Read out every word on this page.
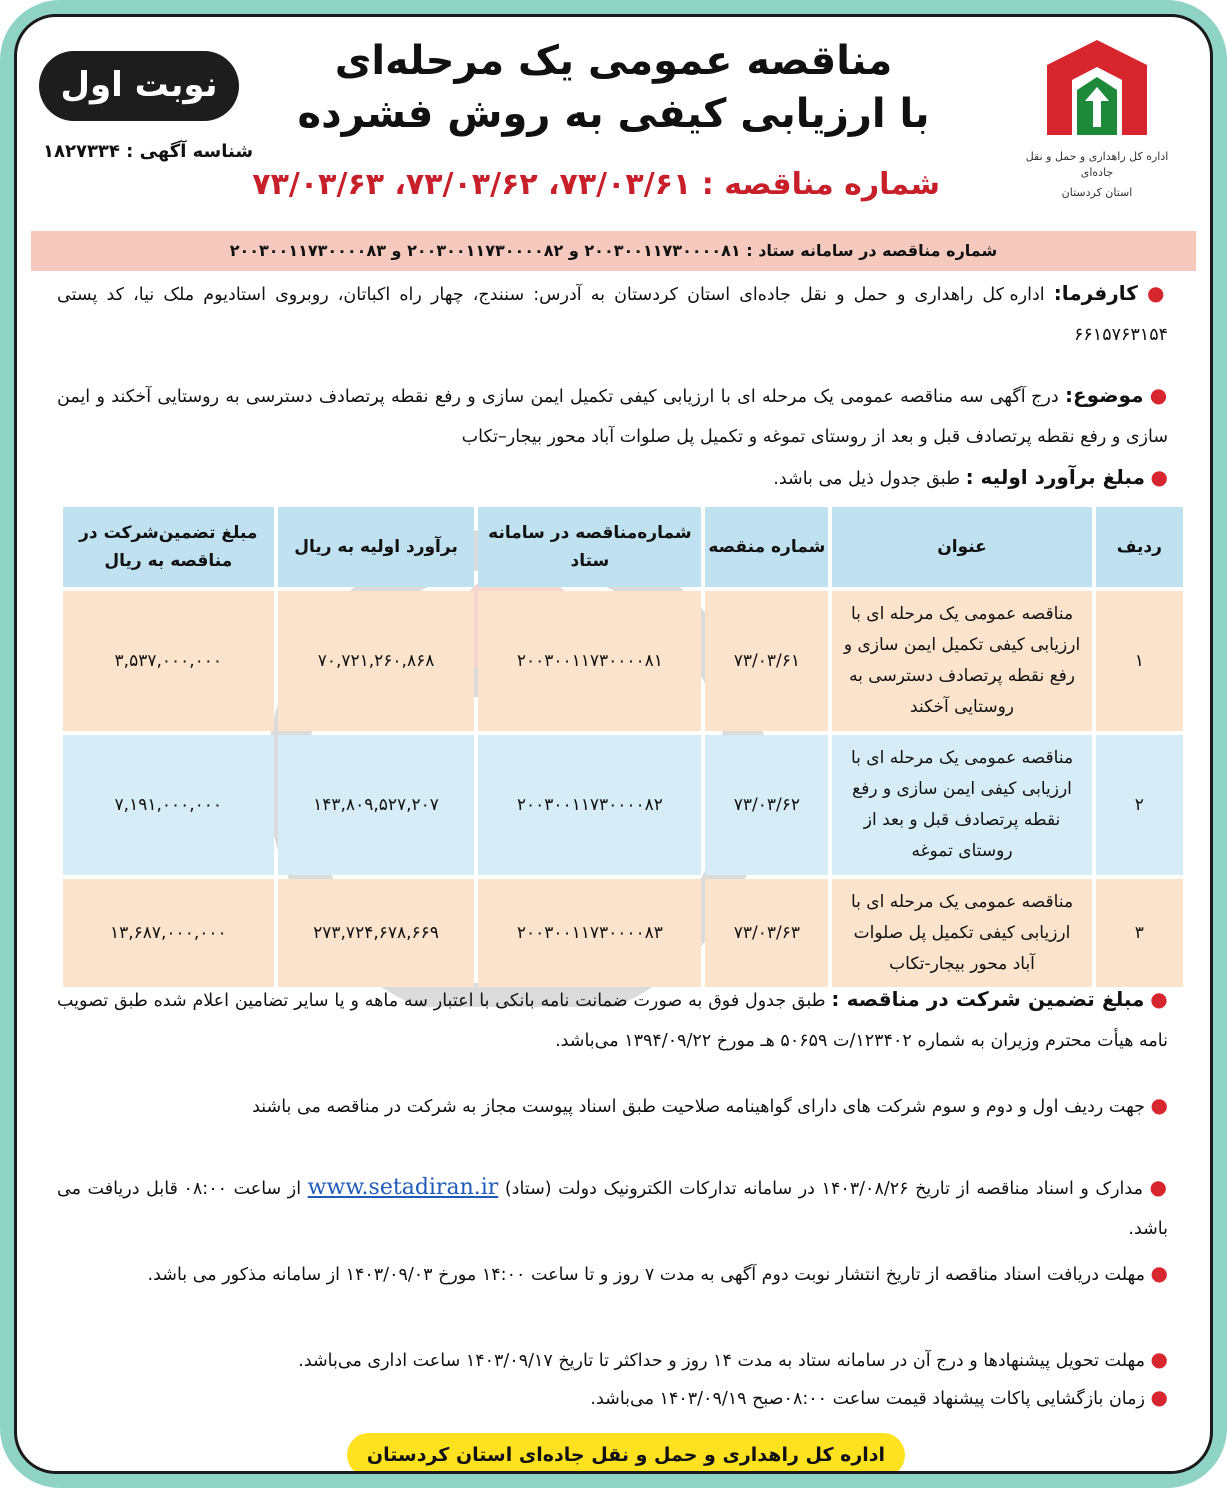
اداره کل راهداری و حمل و نقل جاده‌ای
استان کردستان
مناقصه عمومی یک مرحله‌ای
با ارزیابی کیفی به روش فشرده
شماره مناقصه : ۷۳/۰۳/۶۱، ۷۳/۰۳/۶۲، ۷۳/۰۳/۶۳
نوبت اول
شناسه آگهی : ۱۸۲۷۳۳۴
شماره مناقصه در سامانه ستاد : ۲۰۰۳۰۰۱۱۷۳۰۰۰۰۸۱ و ۲۰۰۳۰۰۱۱۷۳۰۰۰۰۸۲ و ۲۰۰۳۰۰۱۱۷۳۰۰۰۰۸۳
● کارفرما: اداره کل راهداری و حمل و نقل جاده‌ای استان کردستان به آدرس: سنندج، چهار راه اکباتان، روبروی استادیوم ملک نیا، کد پستی ۶۶۱۵۷۶۳۱۵۴
● موضوع: درج آگهی سه مناقصه عمومی یک مرحله ای با ارزیابی کیفی تکمیل ایمن سازی و رفع نقطه پرتصادف دسترسی به روستایی آخکند و ایمن سازی و رفع نقطه پرتصادف قبل و بعد از روستای تموغه و تکمیل پل صلوات آباد محور بیجار–تکاب
● مبلغ برآورد اولیه : طبق جدول ذیل می باشد.
ردیف	عنوان	شماره منقصه	شماره‌مناقصه در سامانه ستاد	برآورد اولیه به ریال	مبلغ تضمین‌شرکت در مناقصه به ریال
۱	مناقصه عمومی یک مرحله ای با ارزیابی کیفی تکمیل ایمن سازی و رفع نقطه پرتصادف دسترسی به روستایی آخکند	۷۳/۰۳/۶۱	۲۰۰۳۰۰۱۱۷۳۰۰۰۰۸۱	۷۰,۷۲۱,۲۶۰,۸۶۸	۳,۵۳۷,۰۰۰,۰۰۰
۲	مناقصه عمومی یک مرحله ای با ارزیابی کیفی ایمن سازی و رفع نقطه پرتصادف قبل و بعد از روستای تموغه	۷۳/۰۳/۶۲	۲۰۰۳۰۰۱۱۷۳۰۰۰۰۸۲	۱۴۳,۸۰۹,۵۲۷,۲۰۷	۷,۱۹۱,۰۰۰,۰۰۰
۳	مناقصه عمومی یک مرحله ای با ارزیابی کیفی تکمیل پل صلوات آباد محور بیجار-تکاب	۷۳/۰۳/۶۳	۲۰۰۳۰۰۱۱۷۳۰۰۰۰۸۳	۲۷۳,۷۲۴,۶۷۸,۶۶۹	۱۳,۶۸۷,۰۰۰,۰۰۰
● مبلغ تضمین شرکت در مناقصه : طبق جدول فوق به صورت ضمانت نامه بانکی با اعتبار سه ماهه و یا سایر تضامین اعلام شده طبق تصویب نامه هیأت محترم وزیران به شماره ۱۲۳۴۰۲/ت ۵۰۶۵۹ هـ مورخ ۱۳۹۴/۰۹/۲۲ می‌باشد.
● جهت ردیف اول و دوم و سوم شرکت های دارای گواهینامه صلاحیت طبق اسناد پیوست مجاز به شرکت در مناقصه می باشند
● مدارک و اسناد مناقصه از تاریخ ۱۴۰۳/۰۸/۲۶ در سامانه تدارکات الکترونیک دولت (ستاد) www.setadiran.ir از ساعت ۰۸:۰۰ قابل دریافت می باشد.
● مهلت دریافت اسناد مناقصه از تاریخ انتشار نوبت دوم آگهی به مدت ۷ روز و تا ساعت ۱۴:۰۰ مورخ ۱۴۰۳/۰۹/۰۳ از سامانه مذکور می باشد.
● مهلت تحویل پیشنهادها و درج آن در سامانه ستاد به مدت ۱۴ روز و حداکثر تا تاریخ ۱۴۰۳/۰۹/۱۷ ساعت اداری می‌باشد.
● زمان بازگشایی پاکات پیشنهاد قیمت ساعت ۰۸:۰۰صبح ۱۴۰۳/۰۹/۱۹ می‌باشد.
اداره کل راهداری و حمل و نقل جاده‌ای استان کردستان
